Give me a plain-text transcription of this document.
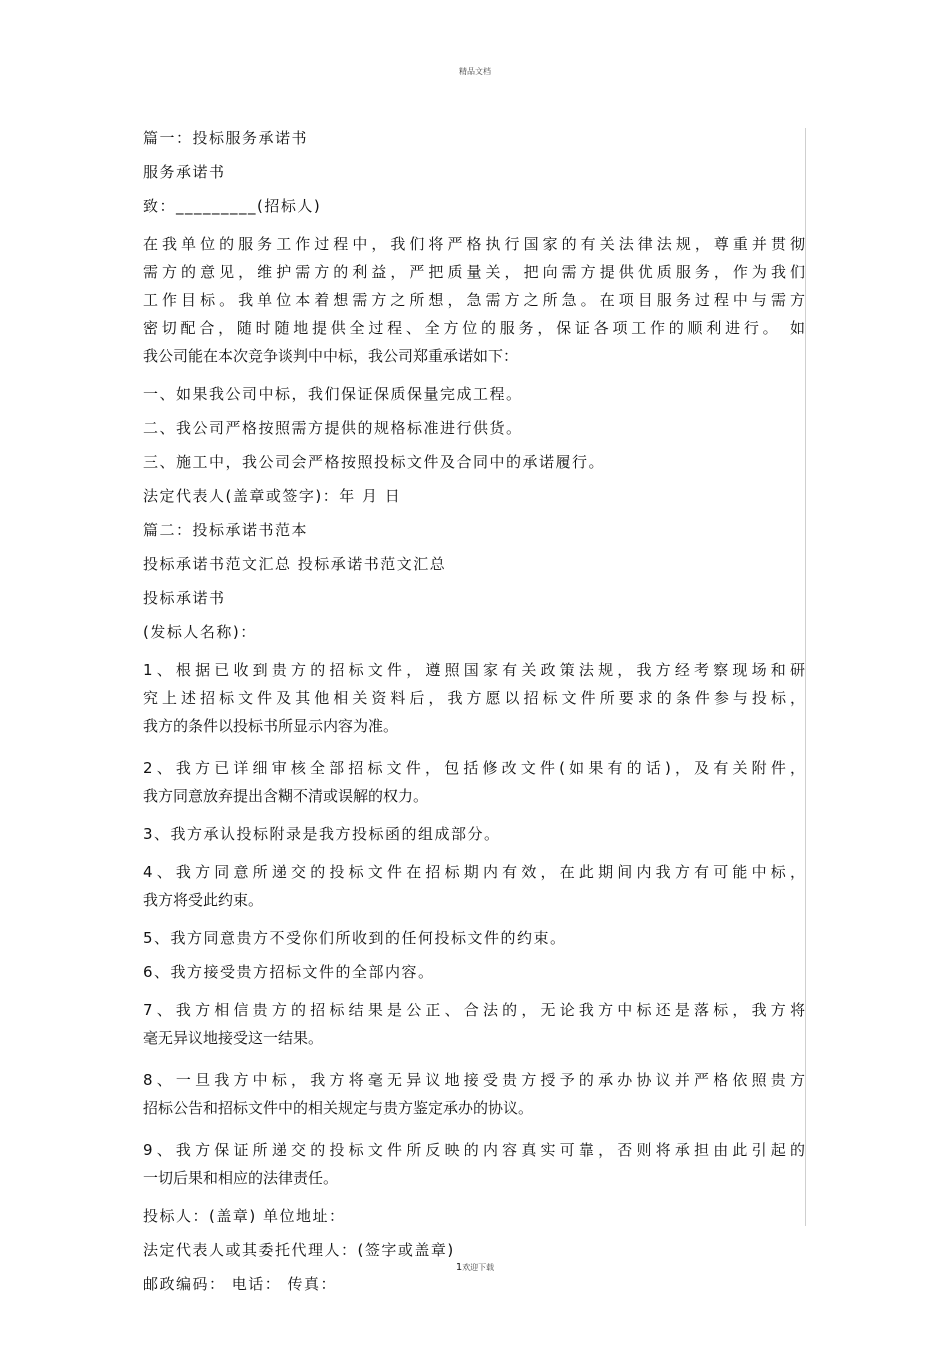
精品文档
篇一：投标服务承诺书
服务承诺书
致：_________(招标人)
在我单位的服务工作过程中，我们将严格执行国家的有关法律法规，尊重并贯彻
需方的意见，维护需方的利益，严把质量关，把向需方提供优质服务，作为我们
工作目标。我单位本着想需方之所想，急需方之所急。在项目服务过程中与需方
密切配合，随时随地提供全过程、全方位的服务，保证各项工作的顺利进行。 如
我公司能在本次竞争谈判中中标，我公司郑重承诺如下：
一、如果我公司中标，我们保证保质保量完成工程。
二、我公司严格按照需方提供的规格标准进行供货。
三、施工中，我公司会严格按照投标文件及合同中的承诺履行。
法定代表人(盖章或签字)：年 月 日
篇二：投标承诺书范本
投标承诺书范文汇总 投标承诺书范文汇总
投标承诺书
(发标人名称)：
1、根据已收到贵方的招标文件，遵照国家有关政策法规，我方经考察现场和研
究上述招标文件及其他相关资料后，我方愿以招标文件所要求的条件参与投标，
我方的条件以投标书所显示内容为准。
2、我方已详细审核全部招标文件，包括修改文件(如果有的话)，及有关附件，
我方同意放弃提出含糊不清或误解的权力。
3、我方承认投标附录是我方投标函的组成部分。
4、我方同意所递交的投标文件在招标期内有效，在此期间内我方有可能中标，
我方将受此约束。
5、我方同意贵方不受你们所收到的任何投标文件的约束。
6、我方接受贵方招标文件的全部内容。
7、我方相信贵方的招标结果是公正、合法的，无论我方中标还是落标，我方将
毫无异议地接受这一结果。
8、一旦我方中标，我方将毫无异议地接受贵方授予的承办协议并严格依照贵方
招标公告和招标文件中的相关规定与贵方鉴定承办的协议。
9、我方保证所递交的投标文件所反映的内容真实可靠，否则将承担由此引起的
一切后果和相应的法律责任。
投标人：(盖章) 单位地址：
法定代表人或其委托代理人：(签字或盖章)
邮政编码： 电话： 传真：
1欢迎下载
